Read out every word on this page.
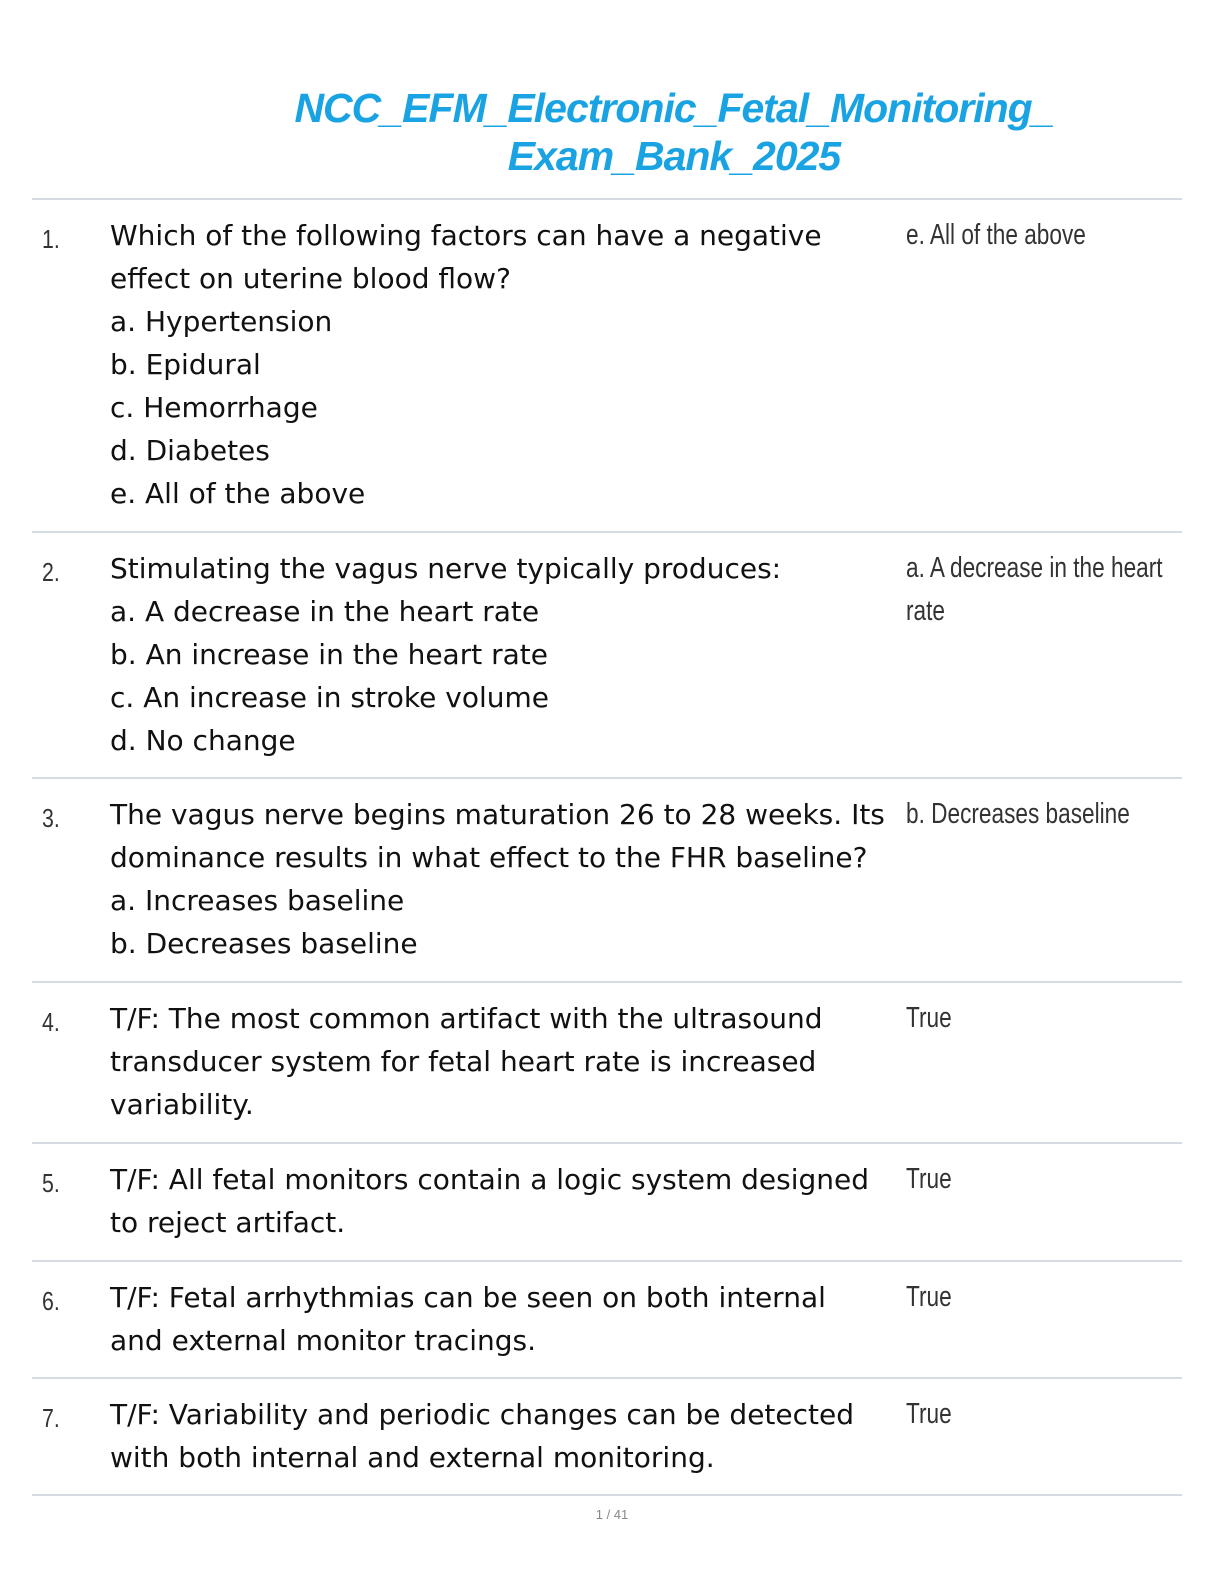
NCC_EFM_Electronic_Fetal_Monitoring_
Exam_Bank_2025
1. Which of the following factors can have a negative
effect on uterine blood flow?
a. Hypertension
b. Epidural
c. Hemorrhage
d. Diabetes
e. All of the above
e. All of the above
2. Stimulating the vagus nerve typically produces:
a. A decrease in the heart rate
b. An increase in the heart rate
c. An increase in stroke volume
d. No change
a. A decrease in the heart
rate
3. The vagus nerve begins maturation 26 to 28 weeks. Its
dominance results in what effect to the FHR baseline?
a. Increases baseline
b. Decreases baseline
b. Decreases baseline
4. T/F: The most common artifact with the ultrasound
transducer system for fetal heart rate is increased
variability.
True
5. T/F: All fetal monitors contain a logic system designed
to reject artifact.
True
6. T/F: Fetal arrhythmias can be seen on both internal
and external monitor tracings.
True
7. T/F: Variability and periodic changes can be detected
with both internal and external monitoring.
True
1 / 41
